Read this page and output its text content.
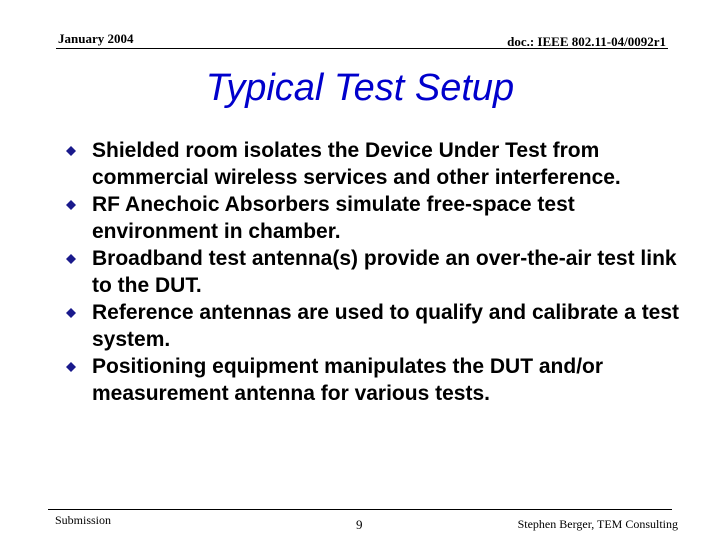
January 2004	doc.: IEEE 802.11-04/0092r1
Typical Test Setup
Shielded room isolates the Device Under Test from commercial wireless services and other interference.
RF Anechoic Absorbers simulate free-space test environment in chamber.
Broadband test antenna(s) provide an over-the-air test link to the DUT.
Reference antennas are used to qualify and calibrate a test system.
Positioning equipment manipulates the DUT and/or measurement antenna for various tests.
Submission	9	Stephen Berger, TEM Consulting
